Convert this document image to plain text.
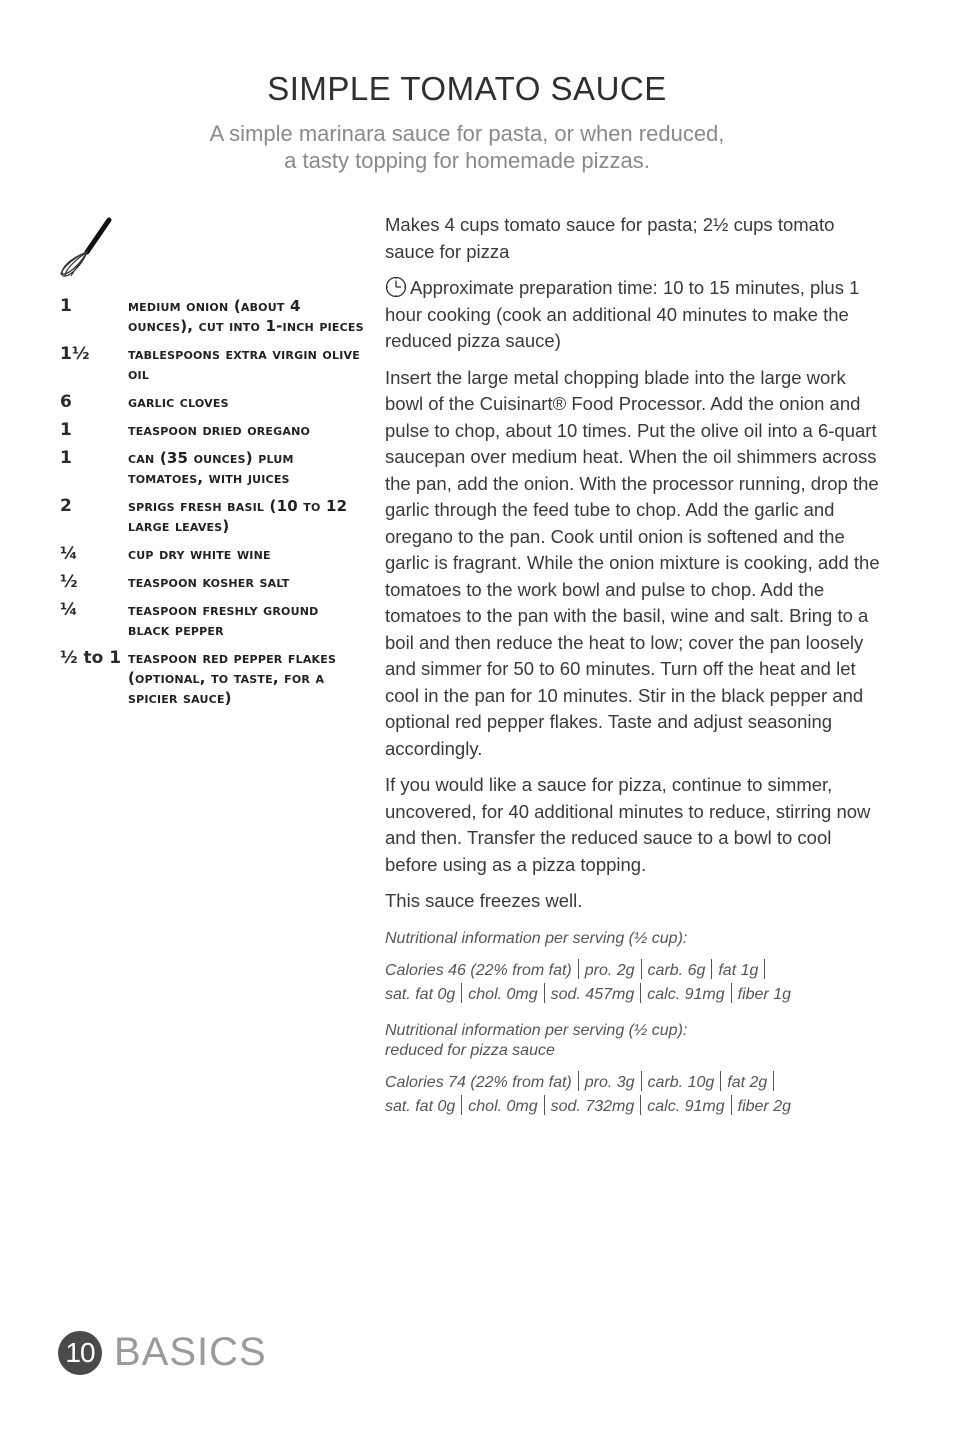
SIMPLE TOMATO SAUCE
A simple marinara sauce for pasta, or when reduced,
a tasty topping for homemade pizzas.
1	medium onion (about 4 ounces), cut into 1-inch pieces
1½	tablespoons extra virgin olive oil
6	garlic cloves
1	teaspoon dried oregano
1	can (35 ounces) plum tomatoes, with juices
2	sprigs fresh basil (10 to 12 large leaves)
¼	cup dry white wine
½	teaspoon kosher salt
¼	teaspoon freshly ground black pepper
½ to 1 teaspoon red pepper flakes (optional, to taste, for a spicier sauce)

Makes 4 cups tomato sauce for pasta; 2½ cups tomato sauce for pizza

Approximate preparation time: 10 to 15 minutes, plus 1 hour cooking (cook an additional 40 minutes to make the reduced pizza sauce)

Insert the large metal chopping blade into the large work bowl of the Cuisinart® Food Processor. Add the onion and pulse to chop, about 10 times. Put the olive oil into a 6-quart saucepan over medium heat. When the oil shimmers across the pan, add the onion. With the processor running, drop the garlic through the feed tube to chop. Add the garlic and oregano to the pan. Cook until onion is softened and the garlic is fragrant. While the onion mixture is cooking, add the tomatoes to the work bowl and pulse to chop. Add the tomatoes to the pan with the basil, wine and salt. Bring to a boil and then reduce the heat to low; cover the pan loosely and simmer for 50 to 60 minutes. Turn off the heat and let cool in the pan for 10 minutes. Stir in the black pepper and optional red pepper flakes. Taste and adjust seasoning accordingly.

If you would like a sauce for pizza, continue to simmer, uncovered, for 40 additional minutes to reduce, stirring now and then. Transfer the reduced sauce to a bowl to cool before using as a pizza topping.

This sauce freezes well.

Nutritional information per serving (½ cup):

Calories 46 (22% from fat) pro. 2g carb. 6g fat 1g
sat. fat 0g chol. 0mg sod. 457mg calc. 91mg fiber 1g

Nutritional information per serving (½ cup):
reduced for pizza sauce

Calories 74 (22% from fat) pro. 3g carb. 10g fat 2g
sat. fat 0g chol. 0mg sod. 732mg calc. 91mg fiber 2g
10 BASICS
